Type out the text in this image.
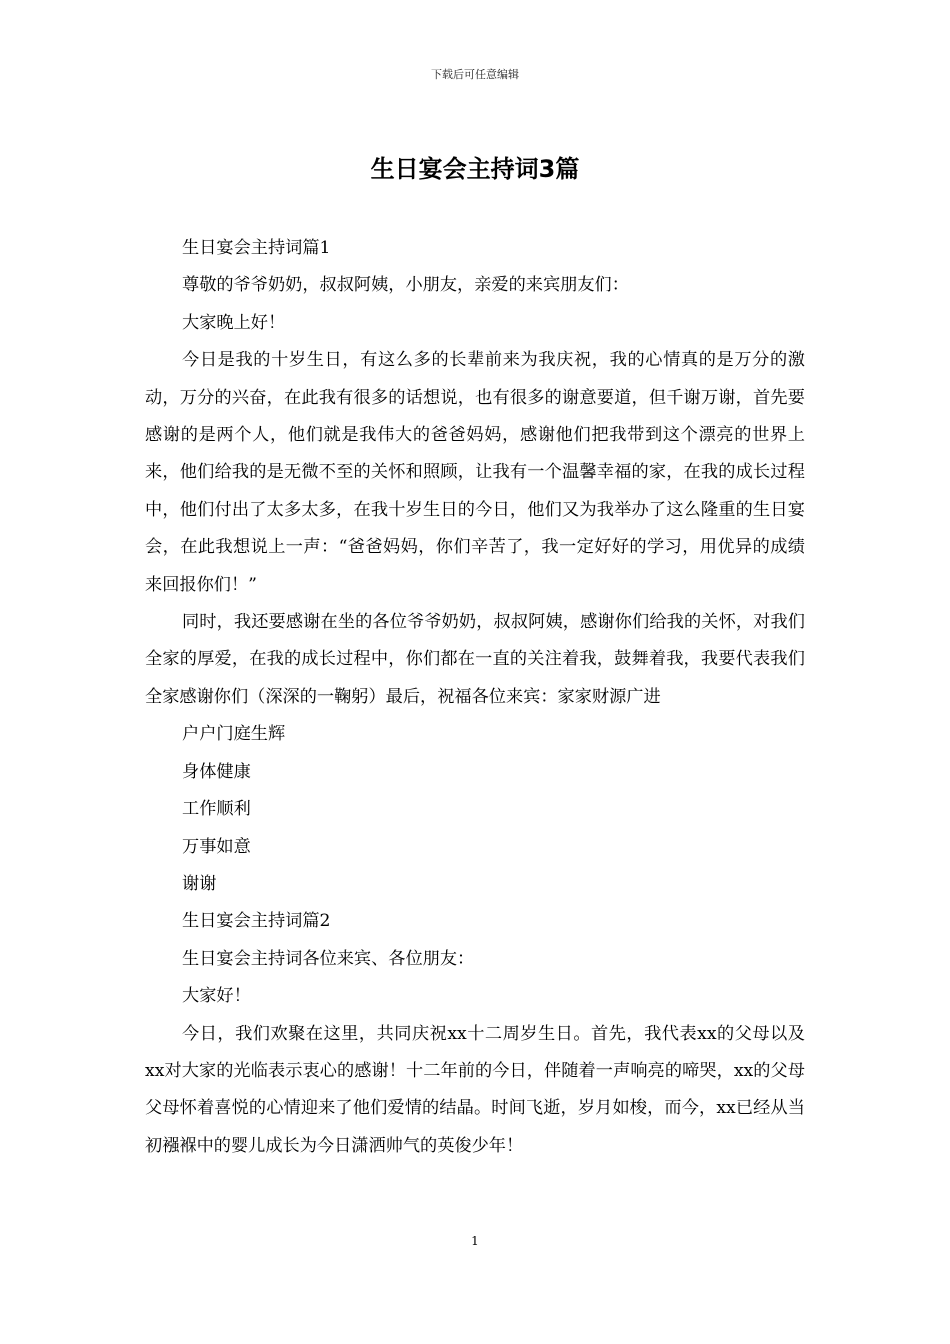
下载后可任意编辑
生日宴会主持词3篇

生日宴会主持词篇1

尊敬的爷爷奶奶，叔叔阿姨，小朋友，亲爱的来宾朋友们：

大家晚上好！

今日是我的十岁生日，有这么多的长辈前来为我庆祝，我的心情真的是万分的激动，万分的兴奋，在此我有很多的话想说，也有很多的谢意要道，但千谢万谢，首先要感谢的是两个人，他们就是我伟大的爸爸妈妈，感谢他们把我带到这个漂亮的世界上来，他们给我的是无微不至的关怀和照顾，让我有一个温馨幸福的家，在我的成长过程中，他们付出了太多太多，在我十岁生日的今日，他们又为我举办了这么隆重的生日宴会，在此我想说上一声：“爸爸妈妈，你们辛苦了，我一定好好的学习，用优异的成绩来回报你们！”

同时，我还要感谢在坐的各位爷爷奶奶，叔叔阿姨，感谢你们给我的关怀，对我们全家的厚爱，在我的成长过程中，你们都在一直的关注着我，鼓舞着我，我要代表我们全家感谢你们（深深的一鞠躬）最后，祝福各位来宾：家家财源广进

户户门庭生辉

身体健康

工作顺利

万事如意

谢谢

生日宴会主持词篇2

生日宴会主持词各位来宾、各位朋友：

大家好！

今日，我们欢聚在这里，共同庆祝xx十二周岁生日。首先，我代表xx的父母以及xx对大家的光临表示衷心的感谢！十二年前的今日，伴随着一声响亮的啼哭，xx的父母父母怀着喜悦的心情迎来了他们爱情的结晶。时间飞逝，岁月如梭，而今，xx已经从当初襁褓中的婴儿成长为今日潇洒帅气的英俊少年！

1
